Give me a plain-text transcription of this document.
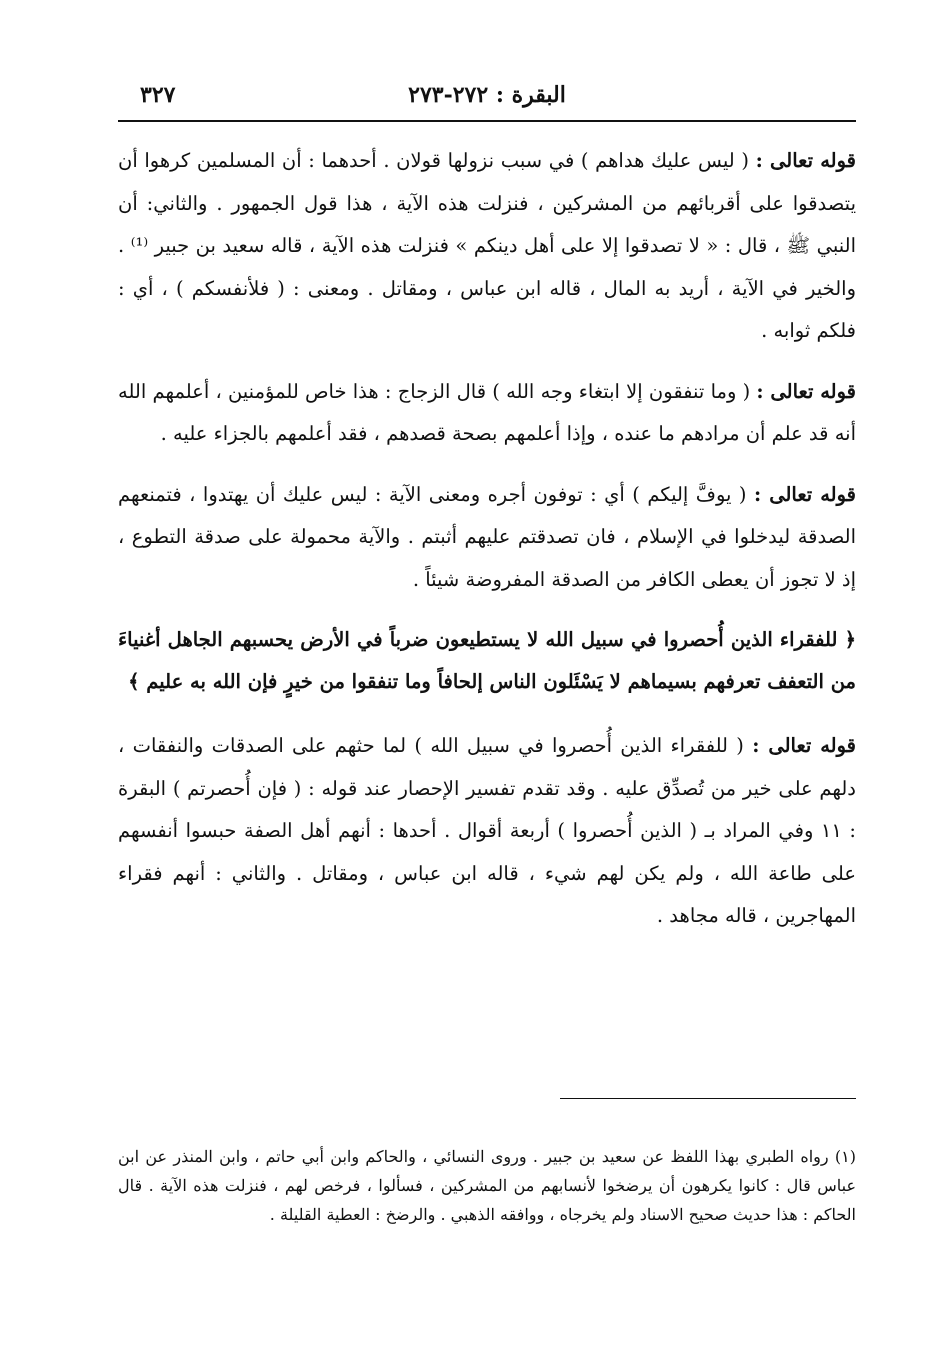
البقرة : ٢٧٢-٢٧٣
٣٢٧

قوله تعالى : ( ليس عليك هداهم ) في سبب نزولها قولان . أحدهما : أن المسلمين كرهوا أن يتصدقوا على أقربائهم من المشركين ، فنزلت هذه الآية ، هذا قول الجمهور . والثاني: أن النبي ﷺ ، قال : « لا تصدقوا إلا على أهل دينكم » فنزلت هذه الآية ، قاله سعيد بن جبير ⁽¹⁾ . والخير في الآية ، أريد به المال ، قاله ابن عباس ، ومقاتل . ومعنى : ( فلأنفسكم ) ، أي : فلكم ثوابه .

قوله تعالى : ( وما تنفقون إلا ابتغاء وجه الله ) قال الزجاج : هذا خاص للمؤمنين ، أعلمهم الله أنه قد علم أن مرادهم ما عنده ، وإذا أعلمهم بصحة قصدهم ، فقد أعلمهم بالجزاء عليه .

قوله تعالى : ( يوفَّ إليكم ) أي : توفون أجره ومعنى الآية : ليس عليك أن يهتدوا ، فتمنعهم الصدقة ليدخلوا في الإسلام ، فان تصدقتم عليهم أثبتم . والآية محمولة على صدقة التطوع ، إذ لا تجوز أن يعطى الكافر من الصدقة المفروضة شيئاً .

﴿ للفقراء الذين أُحصروا في سبيل الله لا يستطيعون ضرباً في الأرض يحسبهم الجاهل أغنياءَ من التعفف تعرفهم بسيماهم لا يَسْئَلون الناس إلحافاً وما تنفقوا من خيرٍ فإن الله به عليم ﴾

قوله تعالى : ( للفقراء الذين أُحصروا في سبيل الله ) لما حثهم على الصدقات والنفقات ، دلهم على خير من تُصدِّق عليه . وقد تقدم تفسير الإحصار عند قوله : ( فإن أُحصرتم ) البقرة : ١١ وفي المراد بـ ( الذين أُحصروا ) أربعة أقوال . أحدها : أنهم أهل الصفة حبسوا أنفسهم على طاعة الله ، ولم يكن لهم شيء ، قاله ابن عباس ، ومقاتل . والثاني : أنهم فقراء المهاجرين ، قاله مجاهد .

(١) رواه الطبري بهذا اللفظ عن سعيد بن جبير . وروى النسائي ، والحاكم وابن أبي حاتم ، وابن المنذر عن ابن عباس قال : كانوا يكرهون أن يرضخوا لأنسابهم من المشركين ، فسألوا ، فرخص لهم ، فنزلت هذه الآية . قال الحاكم : هذا حديث صحيح الاسناد ولم يخرجاه ، ووافقه الذهبي . والرضخ : العطية القليلة .
